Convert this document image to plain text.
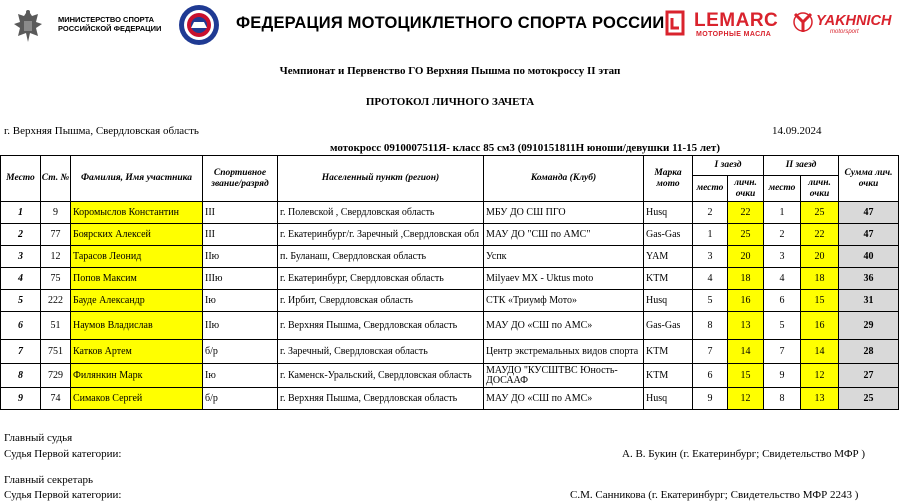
МИНИСТЕРСТВО СПОРТА
РОССИЙСКОЙ ФЕДЕРАЦИИ	ФЕДЕРАЦИЯ МОТОЦИКЛЕТНОГО СПОРТА РОССИИ LEMARC
МОТОРНЫЕ МАСЛА
YAKHNICH
motorsport
Чемпионат и Первенство ГО Верхняя Пышма по мотокроссу II этап
ПРОТОКОЛ ЛИЧНОГО ЗАЧЕТА
г. Верхняя Пышма, Свердловская область	14.09.2024
мотокросс 0910007511Я- класс 85 см3 (0910151811Н юноши/девушки 11-15 лет)
Место	Ст. №	Фамилия, Имя участника	Спортивное звание/разряд	Населенный пункт (регион)	Команда (Клуб)	Марка мото	I заезд		II заезд		Сумма лич. очки
							место	личн. очки	место	личн. очки	
1	9	Коромыслов Константин	III	г. Полевской , Свердловская область	МБУ ДО СШ ПГО	Husq	2	22	1	25	47
2	77	Боярских Алексей	III	г. Екатеринбург/г. Заречный ,Свердловская обл	МАУ ДО "СШ по АМС"	Gas-Gas	1	25	2	22	47
3	12	Тарасов Леонид	IIю	п. Буланаш, Свердловская область	Успк	YAM	3	20	3	20	40
4	75	Попов Максим	IIIю	г. Екатеринбург, Свердловская область	Milyaev MX - Uktus moto	KTM	4	18	4	18	36
5	222	Бауде Александр	Iю	г. Ирбит, Свердловская область	СТК «Триумф Мото»	Husq	5	16	6	15	31
6	51	Наумов Владислав	IIю	г. Верхняя Пышма, Свердловская область	МАУ ДО «СШ по АМС»	Gas-Gas	8	13	5	16	29
7	751	Катков Артем	б/р	г. Заречный, Свердловская область	Центр экстремальных видов спорта	KTM	7	14	7	14	28
8	729	Филянкин Марк	Iю	г. Каменск-Уральский, Свердловская область	МАУДО "КУСШТВС Юность-ДОСААФ	KTM	6	15	9	12	27
9	74	Симаков Сергей	б/р	г. Верхняя Пышма, Свердловская область	МАУ ДО «СШ по АМС»	Husq	9	12	8	13	25
Главный судья
Судья Первой категории:	А. В. Букин (г. Екатеринбург; Свидетельство МФР )
Главный секретарь
Судья Первой категории:	С.М. Санникова (г. Екатеринбург; Свидетельство МФР 2243 )
